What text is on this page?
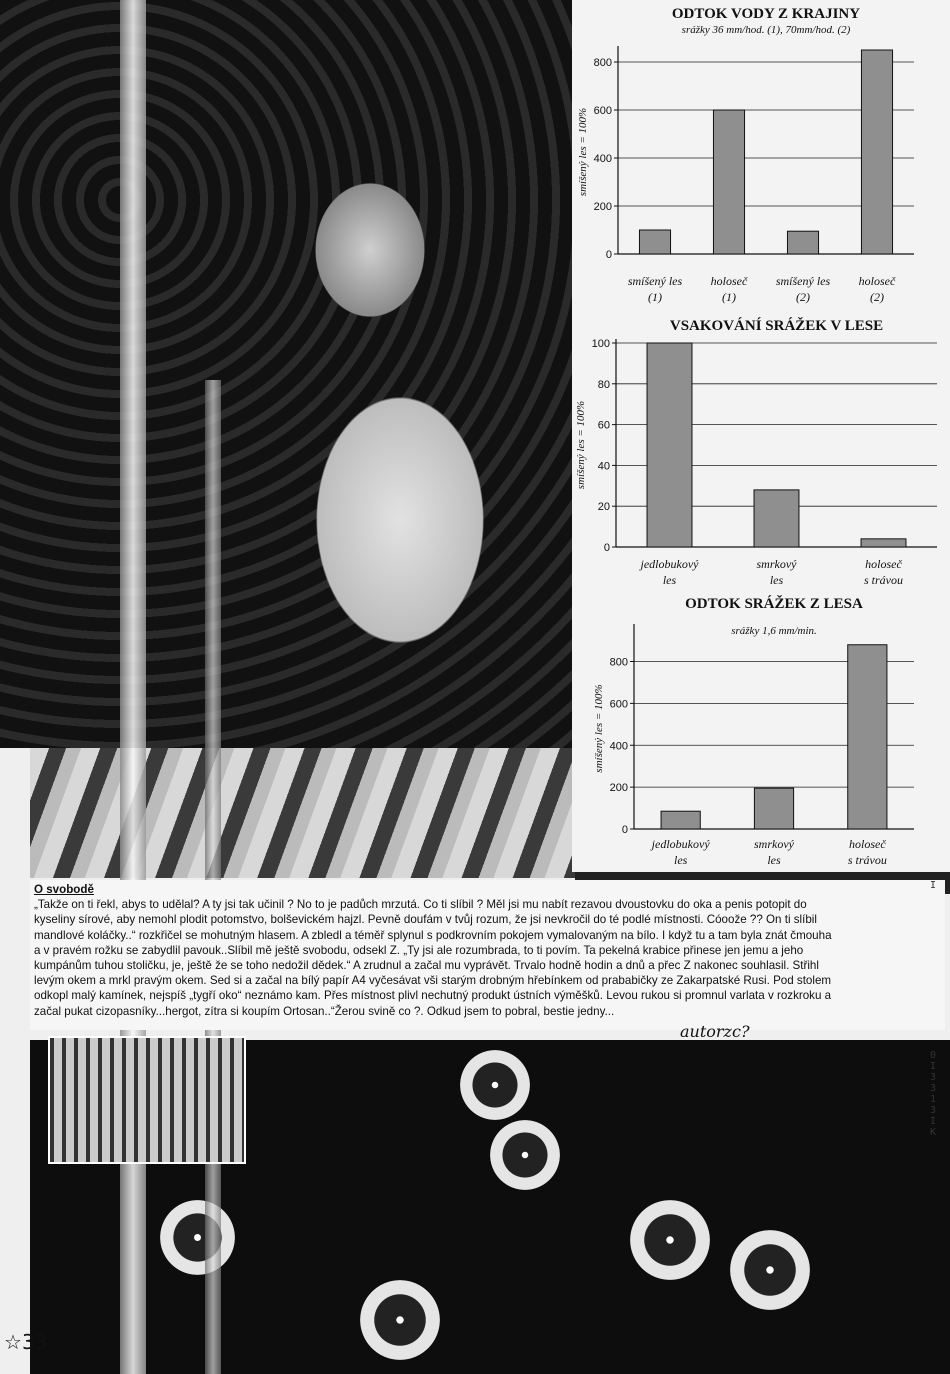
ODTOK VODY Z KRAJINY
srážky 36 mm/hod. (1), 70mm/hod. (2)
0
200
400
600
800
smíšený les = 100%
smíšený les
(1)
holoseč
(1)
smíšený les
(2)
holoseč
(2)
VSAKOVÁNÍ SRÁŽEK V LESE
0
20
40
60
80
100
smíšený les = 100%
jedlobukový
les
smrkový
les
holoseč
s trávou
ODTOK SRÁŽEK Z LESA
srážky 1,6 mm/min.
0
200
400
600
800
smíšený les = 100%
jedlobukový
les
smrkový
les
holoseč
s trávou
O svobodě
„Takže on ti řekl, abys to udělal? A ty jsi tak učinil ? No to je padůch mrzutá. Co ti slíbil ? Měl jsi mu nabít rezavou dvoustovku do oka a penis potopit do
kyseliny sírové, aby nemohl plodit potomstvo, bolševickém hajzl. Pevně doufám v tvůj rozum, že jsi nevkročil do té podlé místnosti. Cóoože ?? On ti slíbil
mandlové koláčky..“ rozkřičel se mohutným hlasem. A zbledl a téměř splynul s podkrovním pokojem vymalovaným na bílo. I když tu a tam byla znát čmouha
a v pravém rožku se zabydlil pavouk..Slíbil mě ještě svobodu, odsekl Z. „Ty jsi ale rozumbrada, to ti povím. Ta pekelná krabice přinese jen jemu a jeho
kumpánům tuhou stoličku, je, ještě že se toho nedožil dědek.“ A zrudnul a začal mu vyprávět. Trvalo hodně hodin a dnů a přec Z nakonec souhlasil. Střihl
levým okem a mrkl pravým okem. Sed si a začal na bílý papír A4 vyčesávat vši starým drobným hřebínkem od prababičky ze Zakarpatské Rusi. Pod stolem
odkopl malý kamínek, nejspíš „tygří oko“ neznámo kam. Přes místnost plivl nechutný produkt ústních výměšků. Levou rukou si promnul varlata v rozkroku a
začal pukat cizopasníky...hergot, zítra si koupím Ortosan..“Žerou svině co ?. Odkud jsem to pobral, bestie jedny...
autorzc?
☆33.
I
0
I
3
3
1
3
I
K
